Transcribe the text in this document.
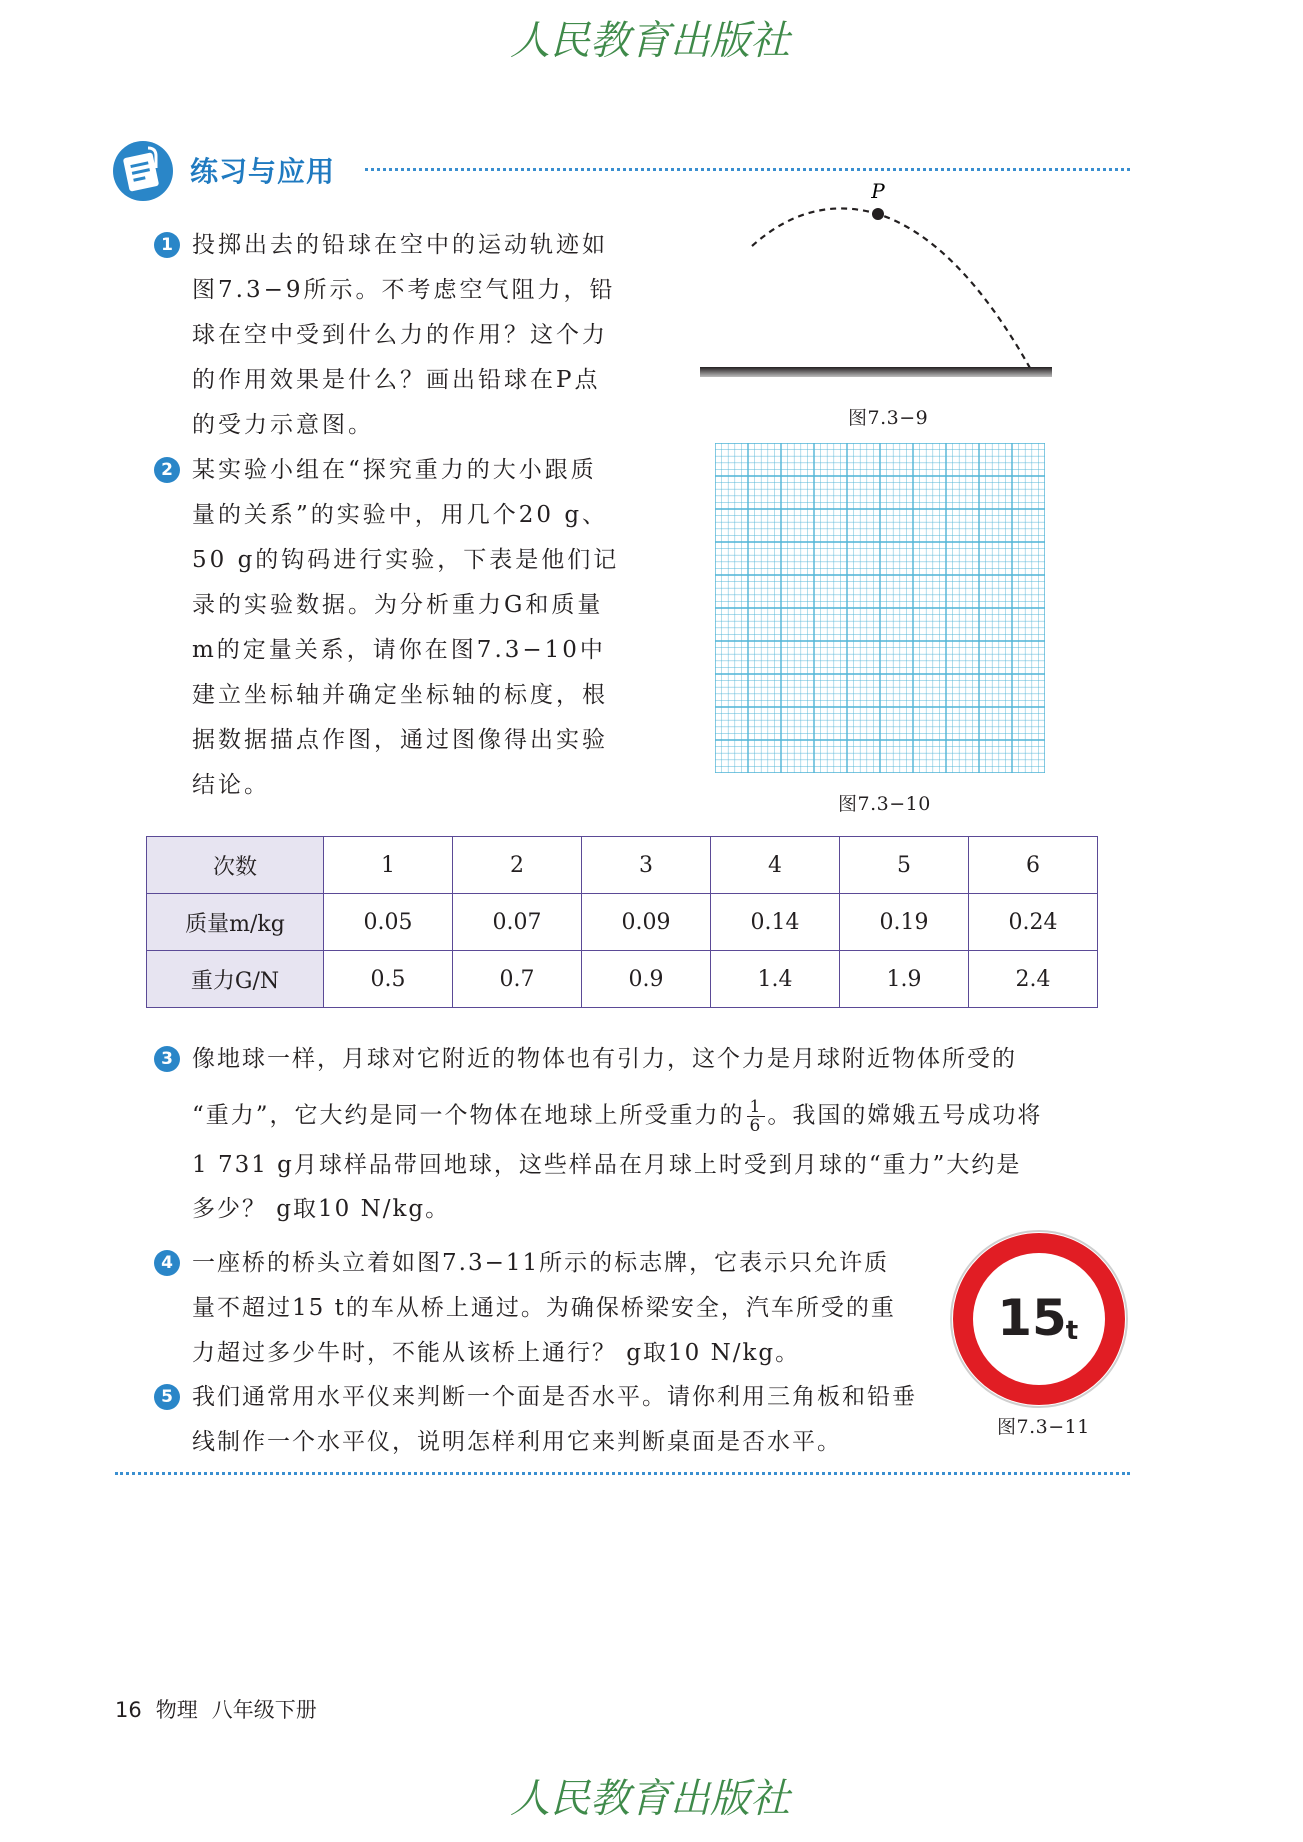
人民教育出版社
练习与应用
1 投掷出去的铅球在空中的运动轨迹如
图7.3−9所示。不考虑空气阻力，铅
球在空中受到什么力的作用？这个力
的作用效果是什么？画出铅球在P点
的受力示意图。
P
图7.3−9
2 某实验小组在“探究重力的大小跟质
量的关系”的实验中，用几个20 g、
50 g的钩码进行实验，下表是他们记
录的实验数据。为分析重力G和质量
m的定量关系，请你在图7.3−10中
建立坐标轴并确定坐标轴的标度，根
据数据描点作图，通过图像得出实验
结论。
图7.3−10
次数	1	2	3	4	5	6
质量m/kg	0.05	0.07	0.09	0.14	0.19	0.24
重力G/N	0.5	0.7	0.9	1.4	1.9	2.4
3 像地球一样，月球对它附近的物体也有引力，这个力是月球附近物体所受的
“重力”，它大约是同一个物体在地球上所受重力的 $\frac{1}{6}$ 。我国的嫦娥五号成功将
1 731 g月球样品带回地球，这些样品在月球上时受到月球的“重力”大约是
多少？ g取10 N/kg。
4 一座桥的桥头立着如图7.3−11所示的标志牌，它表示只允许质
量不超过15 t的车从桥上通过。为确保桥梁安全，汽车所受的重
力超过多少牛时，不能从该桥上通行？ g取10 N/kg。
15
t
图7.3−11
5 我们通常用水平仪来判断一个面是否水平。请你利用三角板和铅垂
线制作一个水平仪，说明怎样利用它来判断桌面是否水平。
16 物理 八年级下册
人民教育出版社
